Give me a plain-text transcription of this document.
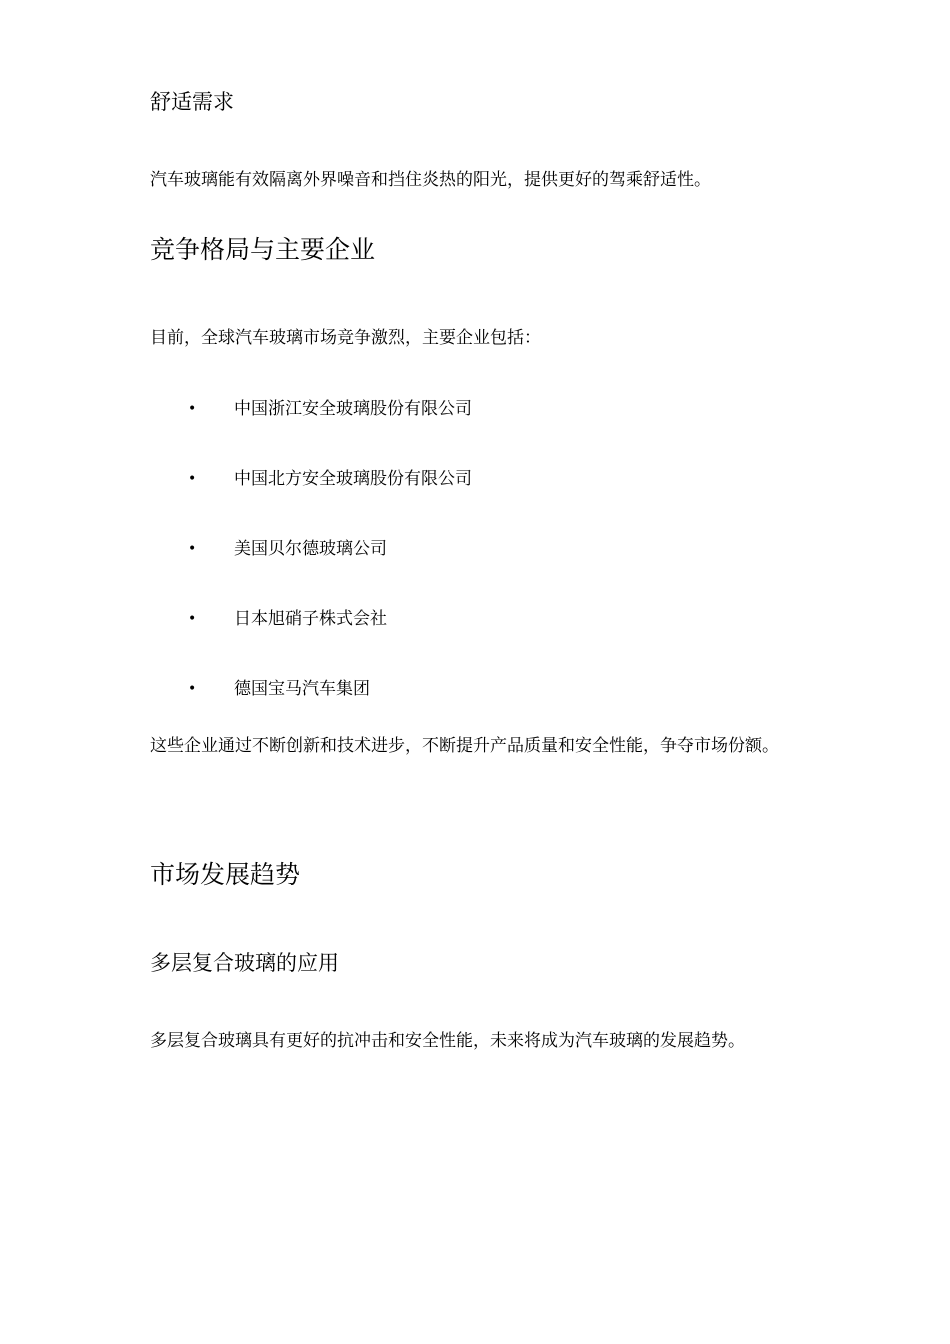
舒适需求
汽车玻璃能有效隔离外界噪音和挡住炎热的阳光，提供更好的驾乘舒适性。
竞争格局与主要企业
目前，全球汽车玻璃市场竞争激烈，主要企业包括：
• 中国浙江安全玻璃股份有限公司
• 中国北方安全玻璃股份有限公司
• 美国贝尔德玻璃公司
• 日本旭硝子株式会社
• 德国宝马汽车集团
这些企业通过不断创新和技术进步，不断提升产品质量和安全性能，争夺市场份额。
市场发展趋势
多层复合玻璃的应用
多层复合玻璃具有更好的抗冲击和安全性能，未来将成为汽车玻璃的发展趋势。
